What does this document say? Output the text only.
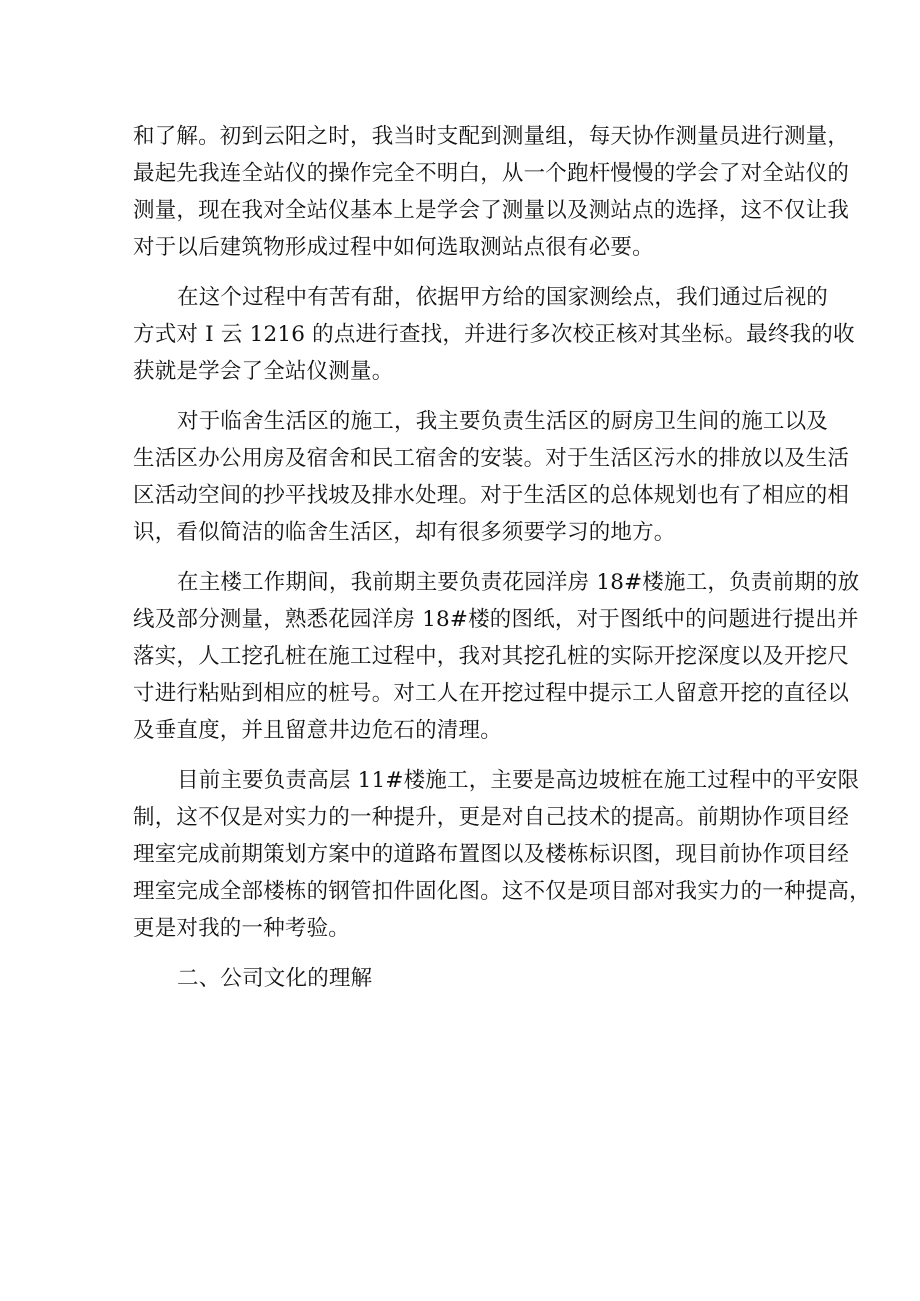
和了解。初到云阳之时，我当时支配到测量组，每天协作测量员进行测量，
最起先我连全站仪的操作完全不明白，从一个跑杆慢慢的学会了对全站仪的
测量，现在我对全站仪基本上是学会了测量以及测站点的选择，这不仅让我
对于以后建筑物形成过程中如何选取测站点很有必要。
在这个过程中有苦有甜，依据甲方给的国家测绘点，我们通过后视的
方式对 I 云 1216 的点进行查找，并进行多次校正核对其坐标。最终我的收
获就是学会了全站仪测量。
对于临舍生活区的施工，我主要负责生活区的厨房卫生间的施工以及
生活区办公用房及宿舍和民工宿舍的安装。对于生活区污水的排放以及生活
区活动空间的抄平找坡及排水处理。对于生活区的总体规划也有了相应的相
识，看似简洁的临舍生活区，却有很多须要学习的地方。
在主楼工作期间，我前期主要负责花园洋房 18#楼施工，负责前期的放
线及部分测量，熟悉花园洋房 18#楼的图纸，对于图纸中的问题进行提出并
落实，人工挖孔桩在施工过程中，我对其挖孔桩的实际开挖深度以及开挖尺
寸进行粘贴到相应的桩号。对工人在开挖过程中提示工人留意开挖的直径以
及垂直度，并且留意井边危石的清理。
目前主要负责高层 11#楼施工，主要是高边坡桩在施工过程中的平安限
制，这不仅是对实力的一种提升，更是对自己技术的提高。前期协作项目经
理室完成前期策划方案中的道路布置图以及楼栋标识图，现目前协作项目经
理室完成全部楼栋的钢管扣件固化图。这不仅是项目部对我实力的一种提高，
更是对我的一种考验。
二、公司文化的理解
